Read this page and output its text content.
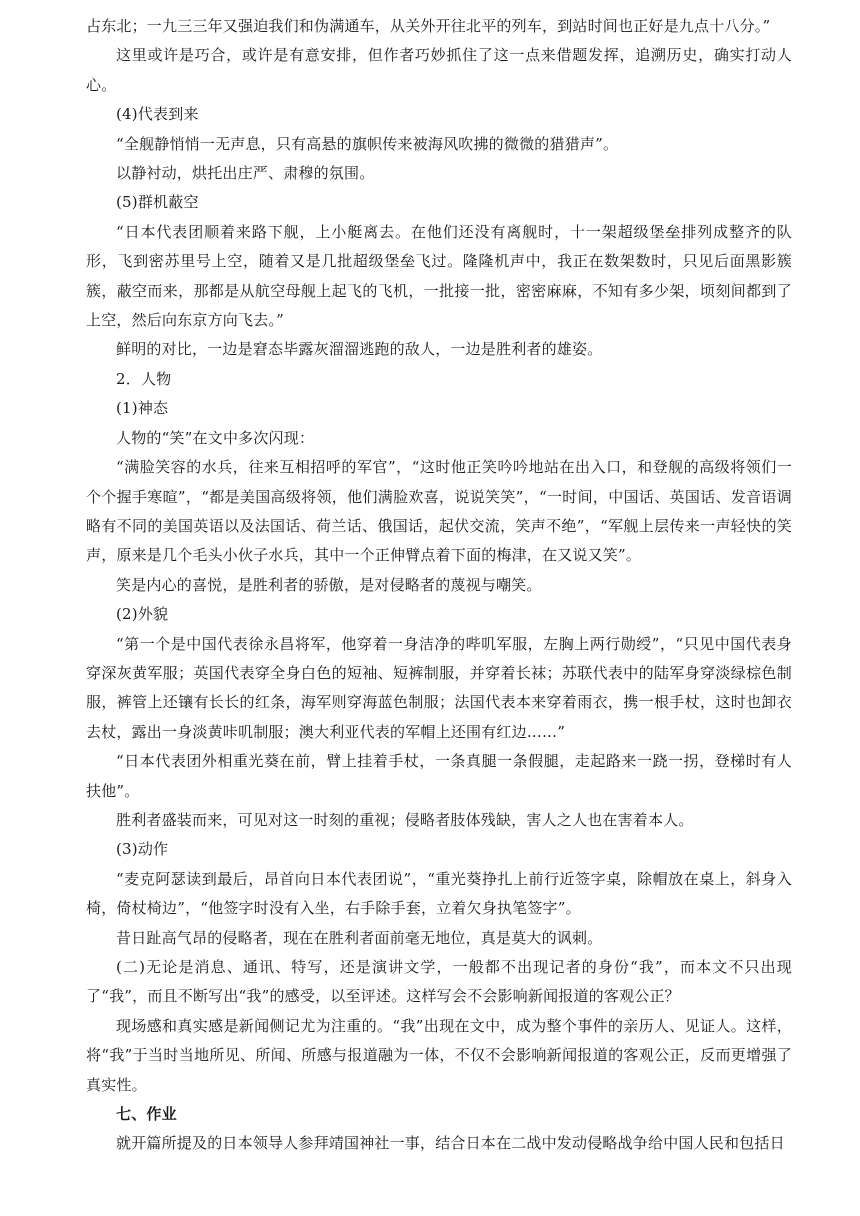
占东北；一九三三年又强迫我们和伪满通车，从关外开往北平的列车，到站时间也正好是九点十八分。”

这里或许是巧合，或许是有意安排，但作者巧妙抓住了这一点来借题发挥，追溯历史，确实打动人心。

(4)代表到来

“全舰静悄悄一无声息，只有高悬的旗帜传来被海风吹拂的微微的猎猎声”。

以静衬动，烘托出庄严、肃穆的氛围。

(5)群机蔽空

“日本代表团顺着来路下舰，上小艇离去。在他们还没有离舰时，十一架超级堡垒排列成整齐的队形，飞到密苏里号上空，随着又是几批超级堡垒飞过。隆隆机声中，我正在数架数时，只见后面黑影簇簇，蔽空而来，那都是从航空母舰上起飞的飞机，一批接一批，密密麻麻，不知有多少架，顷刻间都到了上空，然后向东京方向飞去。”

鲜明的对比，一边是窘态毕露灰溜溜逃跑的敌人，一边是胜利者的雄姿。

2．人物

(1)神态

人物的“笑”在文中多次闪现：

“满脸笑容的水兵，往来互相招呼的军官”，“这时他正笑吟吟地站在出入口，和登舰的高级将领们一个个握手寒暄”，“都是美国高级将领，他们满脸欢喜，说说笑笑”，“一时间，中国话、英国话、发音语调略有不同的美国英语以及法国话、荷兰话、俄国话，起伏交流，笑声不绝”，“军舰上层传来一声轻快的笑声，原来是几个毛头小伙子水兵，其中一个正伸臂点着下面的梅津，在又说又笑”。

笑是内心的喜悦，是胜利者的骄傲，是对侵略者的蔑视与嘲笑。

(2)外貌

“第一个是中国代表徐永昌将军，他穿着一身洁净的哔叽军服，左胸上两行勋绶”，“只见中国代表身穿深灰黄军服；英国代表穿全身白色的短袖、短裤制服，并穿着长袜；苏联代表中的陆军身穿淡绿棕色制服，裤管上还镶有长长的红条，海军则穿海蓝色制服；法国代表本来穿着雨衣，携一根手杖，这时也卸衣去杖，露出一身淡黄咔叽制服；澳大利亚代表的军帽上还围有红边……”

“日本代表团外相重光葵在前，臂上挂着手杖，一条真腿一条假腿，走起路来一跷一拐，登梯时有人扶他”。

胜利者盛装而来，可见对这一时刻的重视；侵略者肢体残缺，害人之人也在害着本人。

(3)动作

“麦克阿瑟读到最后，昂首向日本代表团说”，“重光葵挣扎上前行近签字桌，除帽放在桌上，斜身入椅，倚杖椅边”，“他签字时没有入坐，右手除手套，立着欠身执笔签字”。

昔日趾高气昂的侵略者，现在在胜利者面前毫无地位，真是莫大的讽刺。

(二)无论是消息、通讯、特写，还是演讲文学，一般都不出现记者的身份“我”，而本文不只出现了“我”，而且不断写出“我”的感受，以至评述。这样写会不会影响新闻报道的客观公正？

现场感和真实感是新闻侧记尤为注重的。“我”出现在文中，成为整个事件的亲历人、见证人。这样，将“我”于当时当地所见、所闻、所感与报道融为一体，不仅不会影响新闻报道的客观公正，反而更增强了真实性。

七、作业

就开篇所提及的日本领导人参拜靖国神社一事，结合日本在二战中发动侵略战争给中国人民和包括日
